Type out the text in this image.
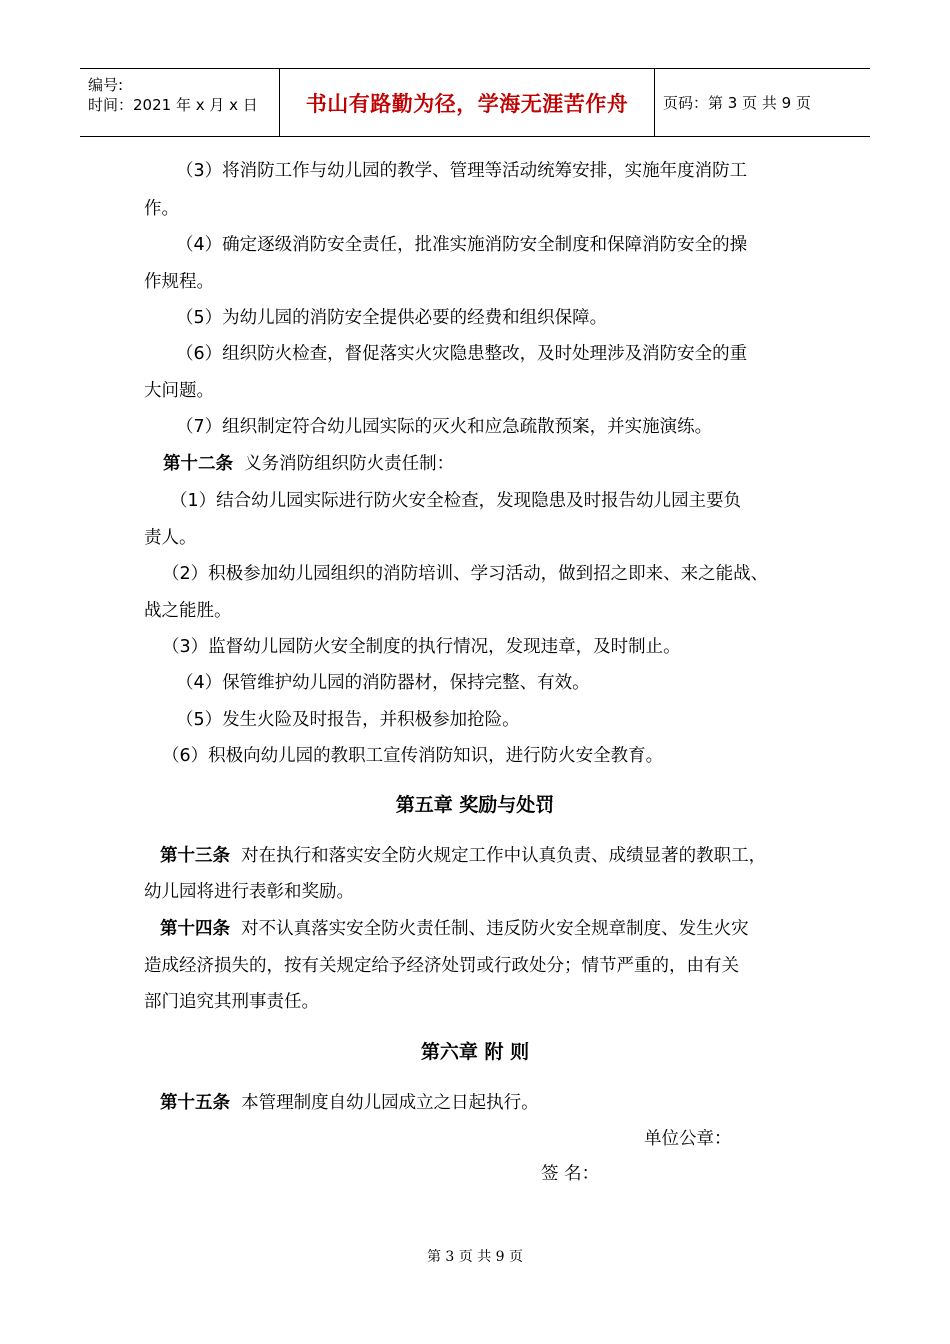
编号:
时间：2021 年 x 月 x 日	书山有路勤为径，学海无涯苦作舟	页码：第 3 页 共 9 页
（3）将消防工作与幼儿园的教学、管理等活动统筹安排，实施年度消防工
作。
（4）确定逐级消防安全责任，批准实施消防安全制度和保障消防安全的操
作规程。
（5）为幼儿园的消防安全提供必要的经费和组织保障。
（6）组织防火检查，督促落实火灾隐患整改，及时处理涉及消防安全的重
大问题。
（7）组织制定符合幼儿园实际的灭火和应急疏散预案，并实施演练。
第十二条 义务消防组织防火责任制：
（1）结合幼儿园实际进行防火安全检查，发现隐患及时报告幼儿园主要负
责人。
（2）积极参加幼儿园组织的消防培训、学习活动，做到招之即来、来之能战、
战之能胜。
（3）监督幼儿园防火安全制度的执行情况，发现违章，及时制止。
（4）保管维护幼儿园的消防器材，保持完整、有效。
（5）发生火险及时报告，并积极参加抢险。
（6）积极向幼儿园的教职工宣传消防知识，进行防火安全教育。
第五章 奖励与处罚
第十三条 对在执行和落实安全防火规定工作中认真负责、成绩显著的教职工，
幼儿园将进行表彰和奖励。
第十四条 对不认真落实安全防火责任制、违反防火安全规章制度、发生火灾
造成经济损失的，按有关规定给予经济处罚或行政处分；情节严重的，由有关
部门追究其刑事责任。
第六章 附 则
第十五条 本管理制度自幼儿园成立之日起执行。
单位公章：
签 名：
第 3 页 共 9 页
